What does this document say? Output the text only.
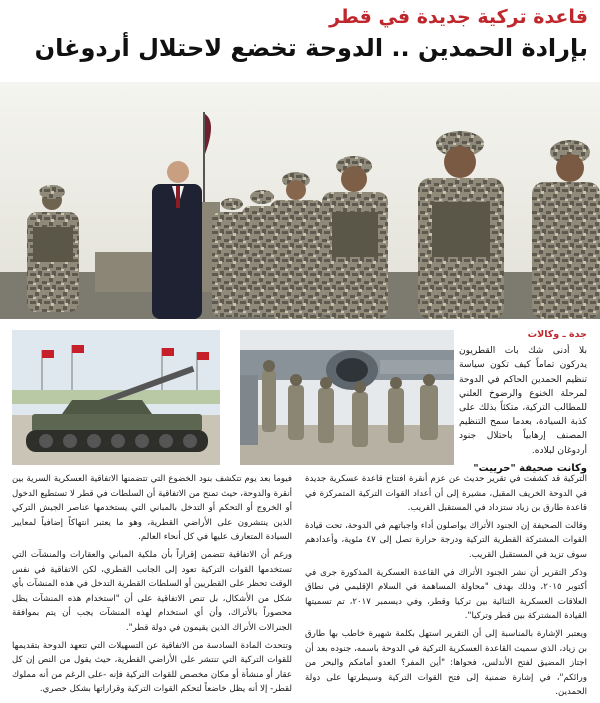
قاعدة تركية جديدة في قطر
بإرادة الحمدين .. الدوحة تخضع لاحتلال أردوغان
جدة ـ وكالات

بلا أدنى شك بات القطريون يدركون تماماً كيف تكون سياسة تنظيم الحمدين الحاكم في الدوحة لمرحلة الخنوع والرضوخ العلني للمطالب التركية، متكئاً بذلك على كذبة السيادة، بعدما سمح التنظيم المصنف إرهابياً باحتلال جنود أردوغان لبلاده.

وكانت صحيفة "حرييت"

التركية قد كشفت في تقرير حديث عن عزم أنقرة افتتاح قاعدة عسكرية جديدة في الدوحة الخريف المقبل، مشيرة إلى أن أعداد القوات التركية المتمركزة في قاعدة طارق بن زياد ستزداد في المستقبل القريب.

وقالت الصحيفة إن الجنود الأتراك يواصلون أداء واجباتهم في الدوحة، تحت قيادة القوات المشتركة القطرية التركية ودرجة حرارة تصل إلى ٤٧ مئوية، وأعدادهم سوف تزيد في المستقبل القريب.

وذكر التقرير أن نشر الجنود الأتراك في القاعدة العسكرية المذكورة جرى في أكتوبر ٢٠١٥، وذلك بهدف "محاولة المساهمة في السلام الإقليمي في نطاق العلاقات العسكرية الثنائية بين تركيا وقطر، وفي ديسمبر ٢٠١٧، تم تسميتها القيادة المشتركة بين قطر وتركيا".

ويعتبر الإشارة بالمناسبة إلى أن التقرير استهل بكلمة شهيرة خاطب بها طارق بن زياد، الذي سميت القاعدة العسكرية التركية في الدوحة باسمه، جنوده بعد أن اجتاز المضيق لفتح الأندلس، فحواها: "أين المفر؟ العدو أمامكم والبحر من ورائكم"، في إشارة ضمنية إلى فتح القوات التركية وسيطرتها على دولة الحمدين.

فيوما بعد يوم تتكشف بنود الخضوع التي تتضمنها الاتفاقية العسكرية السرية بين أنقرة والدوحة، حيث تمنح من الاتفاقية أن السلطات في قطر لا تستطيع الدخول أو الخروج أو التحكم أو التدخل بالمباني التي يستخدمها عناصر الجيش التركي الذين ينتشرون على الأراضي القطرية، وهو ما يعتبر انتهاكاً إضافياً لمعايير السيادة المتعارف عليها في كل أنحاء العالم.

ورغم أن الاتفاقية تتضمن إقراراً بأن ملكية المباني والعقارات والمنشآت التي تستخدمها القوات التركية تعود إلى الجانب القطري، لكن الاتفاقية في نفس الوقت تحظر على القطريين أو السلطات القطرية التدخل في هذه المنشآت بأي شكل من الأشكال، بل تنص الاتفاقية على أن "استخدام هذه المنشآت يظل محصوراً بالأتراك، وأن أي استخدام لهذه المنشآت يجب أن يتم بموافقة الجنرالات الأتراك الذين يقيمون في دولة قطر".

وتتحدث المادة السادسة من الاتفاقية عن التسهيلات التي تتعهد الدوحة بتقديمها للقوات التركية التي تنتشر على الأراضي القطرية، حيث يقول من النص إن كل عقار أو منشأة أو مكان مخصص للقوات التركية فإنه -على الرغم من أنه مملوك لقطر- إلا أنه يظل خاضعاً لتحكم القوات التركية وقراراتها بشكل حصري.
